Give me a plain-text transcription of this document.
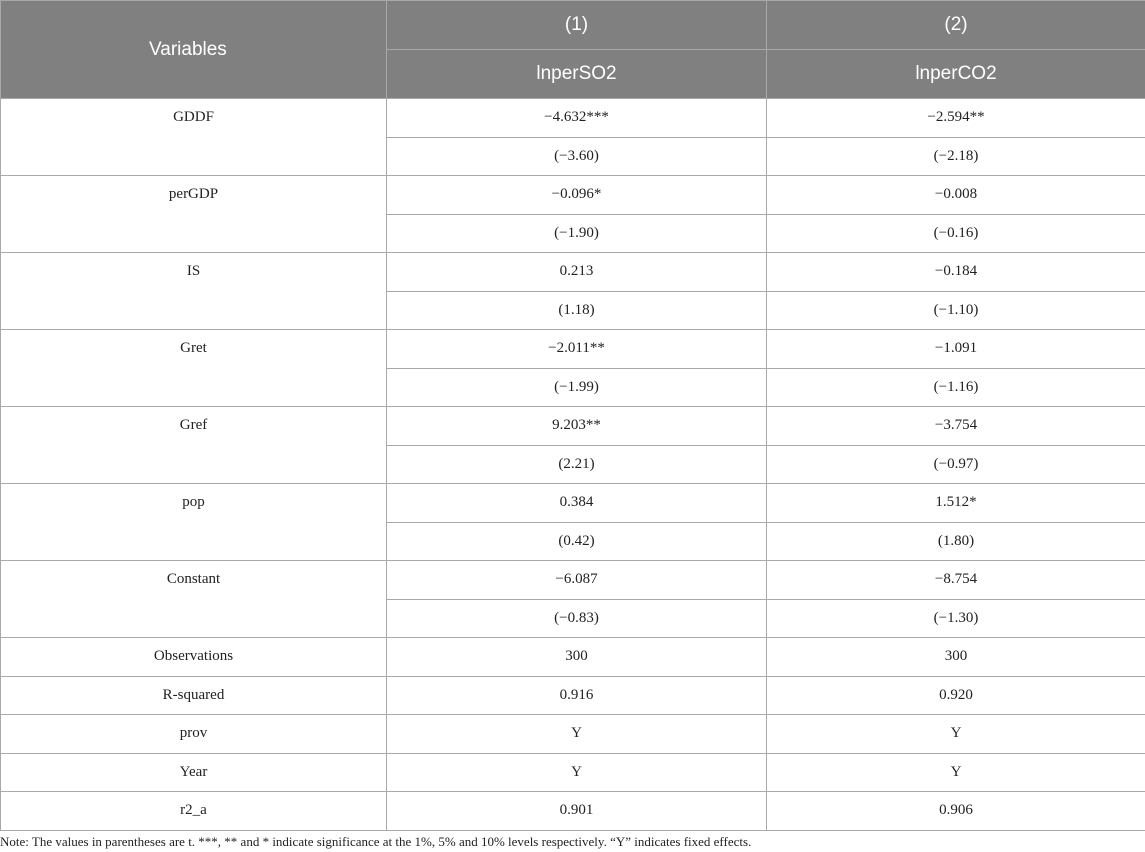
Variables	(1)	(2)
	lnperSO2	lnperCO2
GDDF	−4.632***	−2.594**
	(−3.60)	(−2.18)
perGDP	−0.096*	−0.008
	(−1.90)	(−0.16)
IS	0.213	−0.184
	(1.18)	(−1.10)
Gret	−2.011**	−1.091
	(−1.99)	(−1.16)
Gref	9.203**	−3.754
	(2.21)	(−0.97)
pop	0.384	1.512*
	(0.42)	(1.80)
Constant	−6.087	−8.754
	(−0.83)	(−1.30)
Observations	300	300
R-squared	0.916	0.920
prov	Y	Y
Year	Y	Y
r2_a	0.901	0.906
Note: The values in parentheses are t. ***, ** and * indicate significance at the 1%, 5% and 10% levels respectively. “Y” indicates fixed effects.
